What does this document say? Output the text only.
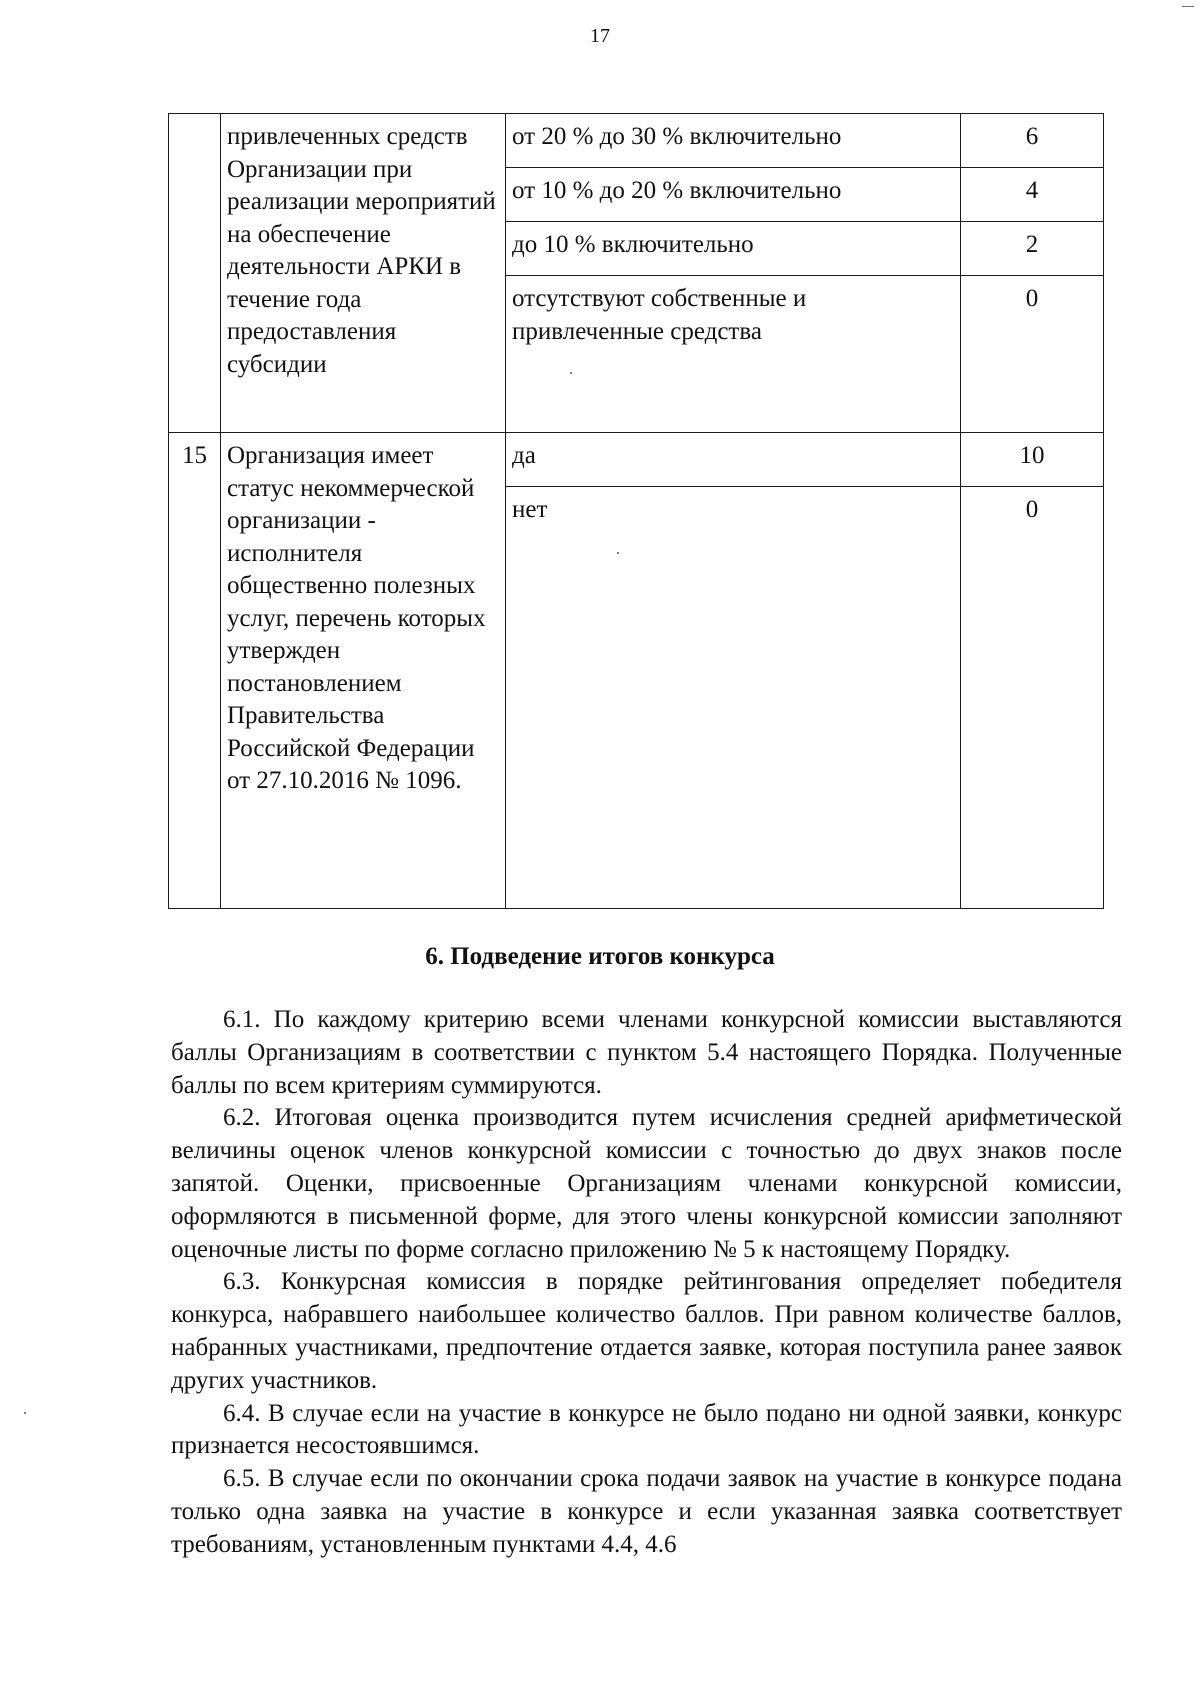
17
	привлеченных средств Организации при реализации мероприятий на обеспечение деятельности АРКИ в течение года предоставления субсидии	от 20 % до 30 % включительно	6
		от 10 % до 20 % включительно	4
		до 10 % включительно	2
		отсутствуют собственные и привлеченные средства	0
15	Организация имеет статус некоммерческой организации - исполнителя общественно полезных услуг, перечень которых утвержден постановлением Правительства Российской Федерации от 27.10.2016 № 1096.	да	10
		нет	0
6. Подведение итогов конкурса

6.1. По каждому критерию всеми членами конкурсной комиссии выставляются баллы Организациям в соответствии с пунктом 5.4 настоящего Порядка. Полученные баллы по всем критериям суммируются.

6.2. Итоговая оценка производится путем исчисления средней арифметической величины оценок членов конкурсной комиссии с точностью до двух знаков после запятой. Оценки, присвоенные Организациям членами конкурсной комиссии, оформляются в письменной форме, для этого члены конкурсной комиссии заполняют оценочные листы по форме согласно приложению № 5 к настоящему Порядку.

6.3. Конкурсная комиссия в порядке рейтингования определяет победителя конкурса, набравшего наибольшее количество баллов. При равном количестве баллов, набранных участниками, предпочтение отдается заявке, которая поступила ранее заявок других участников.

6.4. В случае если на участие в конкурсе не было подано ни одной заявки, конкурс признается несостоявшимся.

6.5. В случае если по окончании срока подачи заявок на участие в конкурсе подана только одна заявка на участие в конкурсе и если указанная заявка соответствует требованиям, установленным пунктами 4.4, 4.6
